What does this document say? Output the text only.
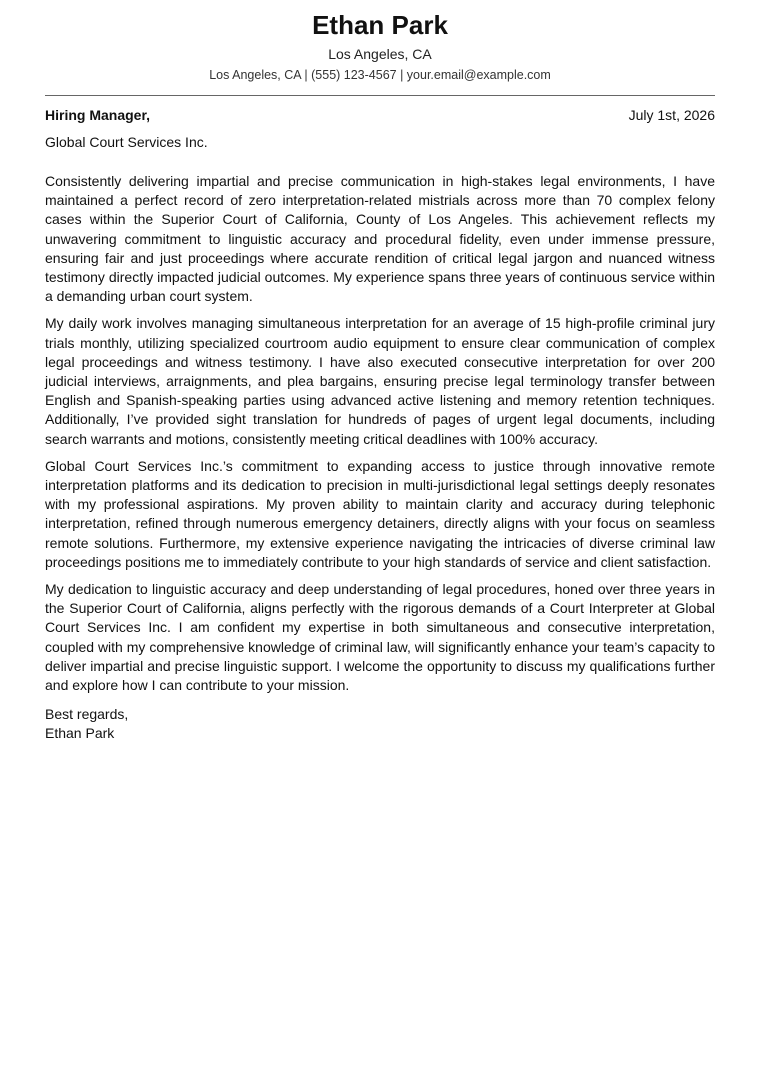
Ethan Park
Los Angeles, CA
Los Angeles, CA | (555) 123-4567 | your.email@example.com
Hiring Manager,	July 1st, 2026
Global Court Services Inc.

Consistently delivering impartial and precise communication in high-stakes legal environments, I have maintained a perfect record of zero interpretation-related mistrials across more than 70 complex felony cases within the Superior Court of California, County of Los Angeles. This achievement reflects my unwavering commitment to linguistic accuracy and procedural fidelity, even under immense pressure, ensuring fair and just proceedings where accurate rendition of critical legal jargon and nuanced witness testimony directly impacted judicial outcomes. My experience spans three years of continuous service within a demanding urban court system.

My daily work involves managing simultaneous interpretation for an average of 15 high-profile criminal jury trials monthly, utilizing specialized courtroom audio equipment to ensure clear communication of complex legal proceedings and witness testimony. I have also executed consecutive interpretation for over 200 judicial interviews, arraignments, and plea bargains, ensuring precise legal terminology transfer between English and Spanish-speaking parties using advanced active listening and memory retention techniques. Additionally, I’ve provided sight translation for hundreds of pages of urgent legal documents, including search warrants and motions, consistently meeting critical deadlines with 100% accuracy.

Global Court Services Inc.’s commitment to expanding access to justice through innovative remote interpretation platforms and its dedication to precision in multi-jurisdictional legal settings deeply resonates with my professional aspirations. My proven ability to maintain clarity and accuracy during telephonic interpretation, refined through numerous emergency detainers, directly aligns with your focus on seamless remote solutions. Furthermore, my extensive experience navigating the intricacies of diverse criminal law proceedings positions me to immediately contribute to your high standards of service and client satisfaction.

My dedication to linguistic accuracy and deep understanding of legal procedures, honed over three years in the Superior Court of California, aligns perfectly with the rigorous demands of a Court Interpreter at Global Court Services Inc. I am confident my expertise in both simultaneous and consecutive interpretation, coupled with my comprehensive knowledge of criminal law, will significantly enhance your team’s capacity to deliver impartial and precise linguistic support. I welcome the opportunity to discuss my qualifications further and explore how I can contribute to your mission.

Best regards,
Ethan Park
